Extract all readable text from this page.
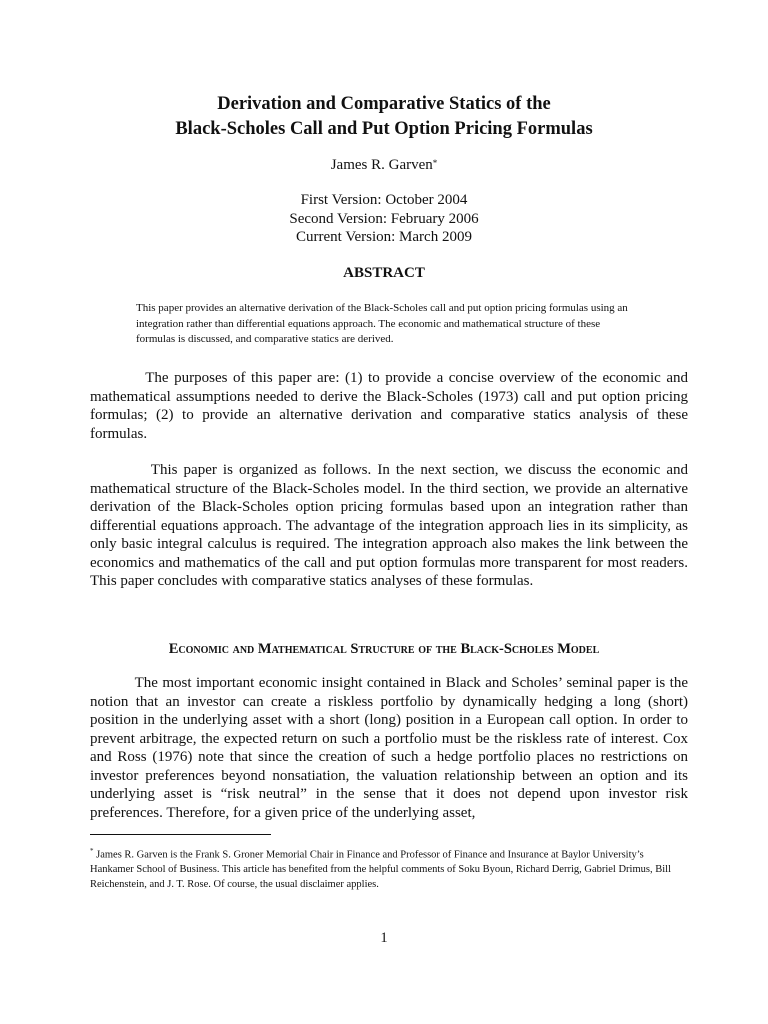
Derivation and Comparative Statics of the
Black-Scholes Call and Put Option Pricing Formulas
James R. Garven*
First Version: October 2004
Second Version: February 2006
Current Version: March 2009
ABSTRACT
This paper provides an alternative derivation of the Black-Scholes call and put option pricing formulas using an integration rather than differential equations approach. The economic and mathematical structure of these formulas is discussed, and comparative statics are derived.
The purposes of this paper are: (1) to provide a concise overview of the economic and mathematical assumptions needed to derive the Black-Scholes (1973) call and put option pricing formulas; (2) to provide an alternative derivation and comparative statics analysis of these formulas.
This paper is organized as follows. In the next section, we discuss the economic and mathematical structure of the Black-Scholes model. In the third section, we provide an alternative derivation of the Black-Scholes option pricing formulas based upon an integration rather than differential equations approach. The advantage of the integration approach lies in its simplicity, as only basic integral calculus is required. The integration approach also makes the link between the economics and mathematics of the call and put option formulas more transparent for most readers. This paper concludes with comparative statics analyses of these formulas.
Economic and Mathematical Structure of the Black-Scholes Model
The most important economic insight contained in Black and Scholes’ seminal paper is the notion that an investor can create a riskless portfolio by dynamically hedging a long (short) position in the underlying asset with a short (long) position in a European call option. In order to prevent arbitrage, the expected return on such a portfolio must be the riskless rate of interest. Cox and Ross (1976) note that since the creation of such a hedge portfolio places no restrictions on investor preferences beyond nonsatiation, the valuation relationship between an option and its underlying asset is “risk neutral” in the sense that it does not depend upon investor risk preferences. Therefore, for a given price of the underlying asset,
* James R. Garven is the Frank S. Groner Memorial Chair in Finance and Professor of Finance and Insurance at Baylor University’s Hankamer School of Business. This article has benefited from the helpful comments of Soku Byoun, Richard Derrig, Gabriel Drimus, Bill Reichenstein, and J. T. Rose. Of course, the usual disclaimer applies.
1
